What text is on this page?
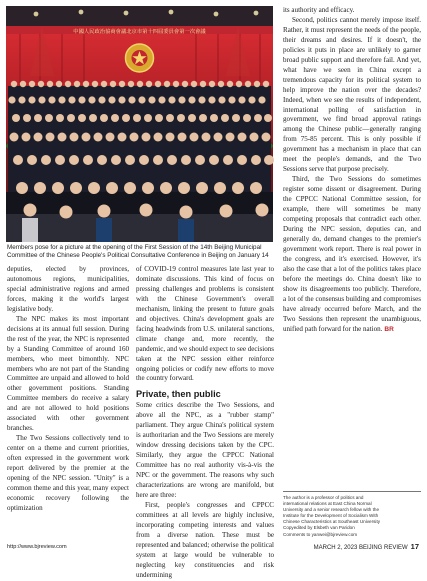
中國人民政治協商會議北京市第十四屆委員會第一次會議
Members pose for a picture at the opening of the First Session of the 14th Beijing Municipal Committee of the Chinese People's Political Consultative Conference in Beijing on January 14

deputies, elected by provinces, autonomous regions, municipalities, special administrative regions and armed forces, making it the world's largest legislative body.

The NPC makes its most important decisions at its annual full session. During the rest of the year, the NPC is represented by a Standing Committee of around 160 members, who meet bimonthly. NPC members who are not part of the Standing Committee are unpaid and allowed to hold other government positions. Standing Committee members do receive a salary and are not allowed to hold positions associated with other government branches.

The Two Sessions collectively tend to center on a theme and current priorities, often expressed in the government work report delivered by the premier at the opening of the NPC session. "Unity" is a common theme and this year, many expect economic recovery following the optimization

of COVID-19 control measures late last year to dominate discussions. This kind of focus on pressing challenges and problems is consistent with the Chinese Government's overall mechanism, linking the present to future goals and objectives. China's development goals are facing headwinds from U.S. unilateral sanctions, climate change and, more recently, the pandemic, and we should expect to see decisions taken at the NPC session either reinforce ongoing policies or codify new efforts to move the country forward.

Private, then public

Some critics describe the Two Sessions, and above all the NPC, as a "rubber stamp" parliament. They argue China's political system is authoritarian and the Two Sessions are merely window dressing decisions taken by the CPC. Similarly, they argue the CPPCC National Committee has no real authority vis-à-vis the NPC or the government. The reasons why such characterizations are wrong are manifold, but here are three:

First, people's congresses and CPPCC committees at all levels are highly inclusive, incorporating competing interests and values from a diverse nation. These must be represented and balanced; otherwise the political system at large would be vulnerable to neglecting key constituencies and risk undermining

its authority and efficacy.

Second, politics cannot merely impose itself. Rather, it must represent the needs of the people, their dreams and desires. If it doesn't, the policies it puts in place are unlikely to garner broad public support and therefore fail. And yet, what have we seen in China except a tremendous capacity for its political system to help improve the nation over the decades? Indeed, when we see the results of independent, international polling of satisfaction in government, we find broad approval ratings among the Chinese public—generally ranging from 75-85 percent. This is only possible if government has a mechanism in place that can meet the people's demands, and the Two Sessions serve that purpose precisely.

Third, the Two Sessions do sometimes register some dissent or disagreement. During the CPPCC National Committee session, for example, there will sometimes be many competing proposals that contradict each other. During the NPC session, deputies can, and generally do, demand changes to the premier's government work report. There is real power in the congress, and it's exercised. However, it's also the case that a lot of the politics takes place before the meetings do. China doesn't like to show its disagreements too publicly. Therefore, a lot of the consensus building and compromises have already occurred before March, and the Two Sessions then represent the unambiguous, unified path forward for the nation. BR

The author is a professor of politics and
international relations at East China Normal
University and a senior research fellow with the
Institute for the Development of Socialism With
Chinese Characteristics at Southeast University
Copyedited by Elsbeth van Paridon
Comments to yanwei@bjreview.com
http://www.bjreview.com	MARCH 2, 2023 BEIJING REVIEW 17
